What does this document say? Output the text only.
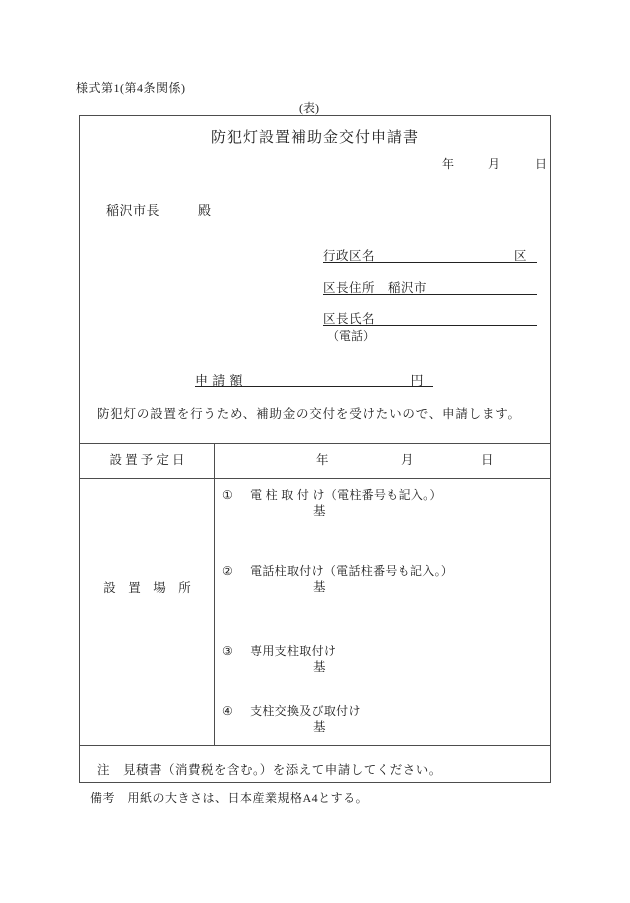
様式第1(第4条関係)
(表)
防犯灯設置補助金交付申請書
年	月	日
稲沢市長	殿
行政区名	区
区長住所　稲沢市
区長氏名
（電話）
申 請 額	円
防犯灯の設置を行うため、補助金の交付を受けたいので、申請します。
設 置 予 定 日	年	月	日
設　置　場　所
① 電 柱 取 付 け（電柱番号も記入。）
基
② 電話柱取付け（電話柱番号も記入。）
基
③ 専用支柱取付け
基
④ 支柱交換及び取付け
基
注　見積書（消費税を含む。）を添えて申請してください。
備考　用紙の大きさは、日本産業規格A4とする。
